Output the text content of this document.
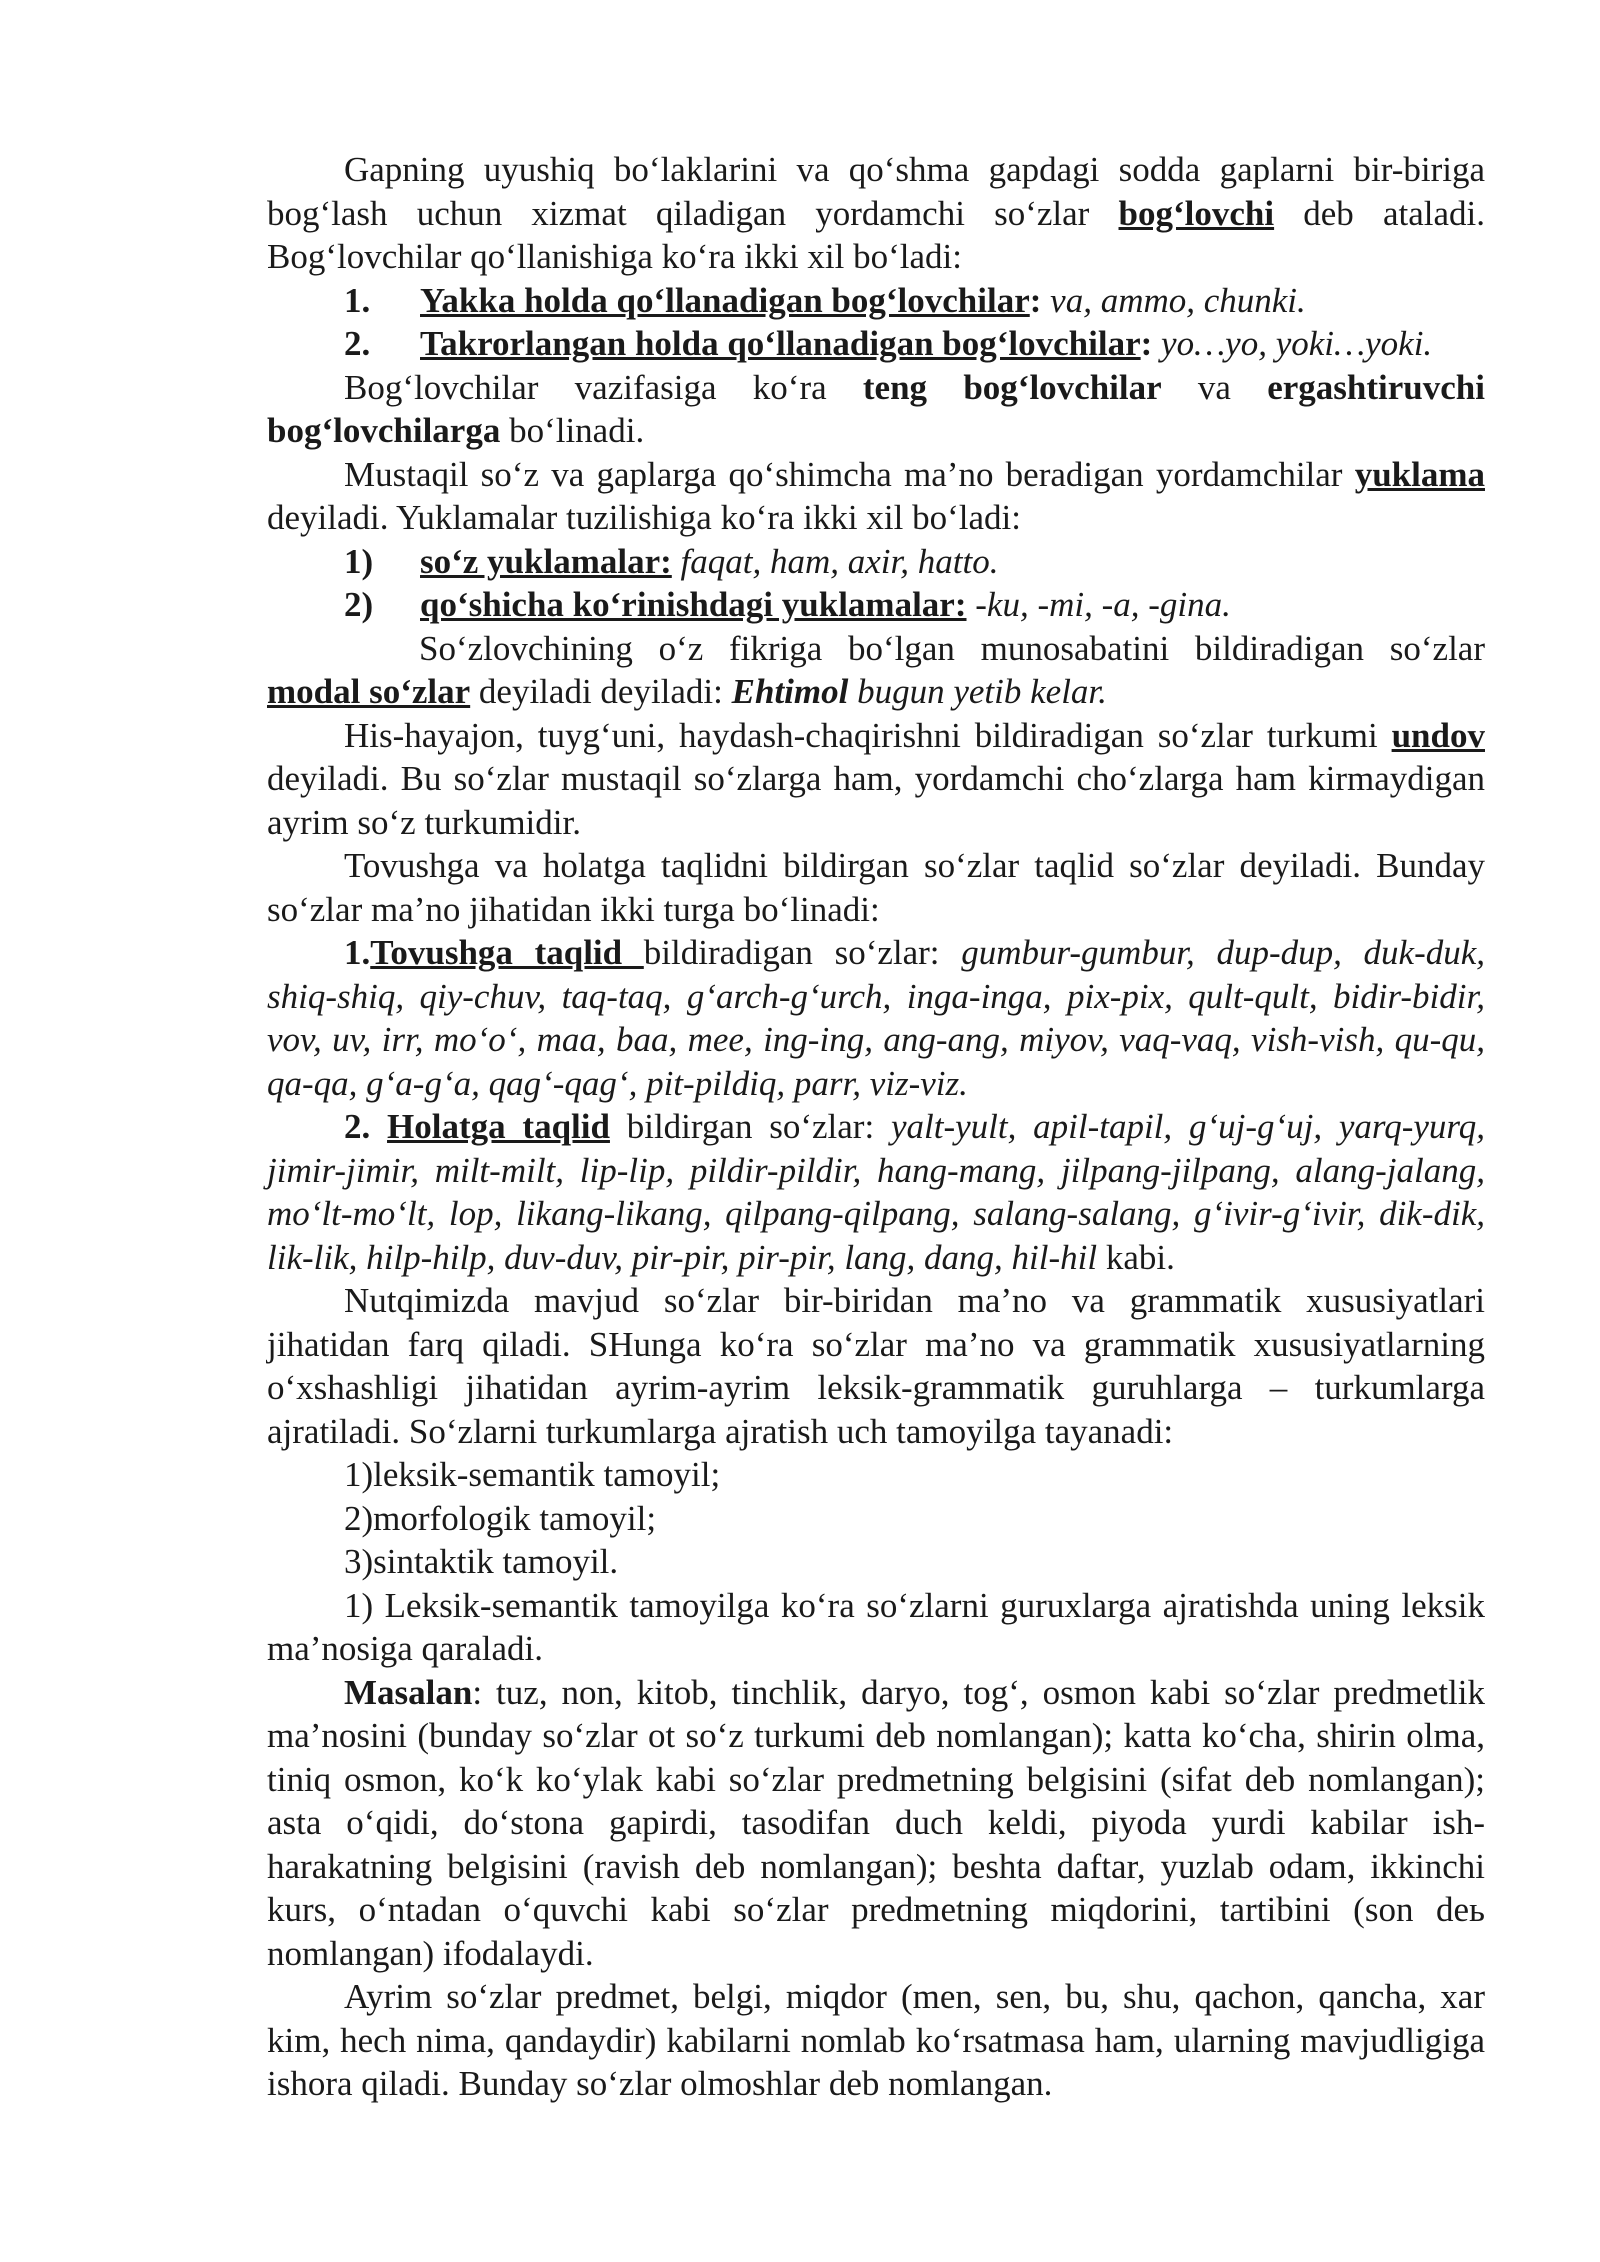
Gapning uyushiq bo‘laklarini va qo‘shma gapdagi sodda gaplarni bir-biriga bog‘lash uchun xizmat qiladigan yordamchi so‘zlar bog‘lovchi deb ataladi. Bog‘lovchilar qo‘llanishiga ko‘ra ikki xil bo‘ladi:

1.	Yakka holda qo‘llanadigan bog‘lovchilar: va, ammo, chunki.
2.	Takrorlangan holda qo‘llanadigan bog‘lovchilar: yo…yo, yoki…yoki.

Bog‘lovchilar vazifasiga ko‘ra teng bog‘lovchilar va ergashtiruvchi bog‘lovchilarga bo‘linadi.

Mustaqil so‘z va gaplarga qo‘shimcha ma’no beradigan yordamchilar yuklama deyiladi. Yuklamalar tuzilishiga ko‘ra ikki xil bo‘ladi:

1)	so‘z yuklamalar: faqat, ham, axir, hatto.
2)	qo‘shicha ko‘rinishdagi yuklamalar: -ku, -mi, -a, -gina.

So‘zlovchining o‘z fikriga bo‘lgan munosabatini bildiradigan so‘zlar modal so‘zlar deyiladi deyiladi: Ehtimol bugun yetib kelar.

His-hayajon, tuyg‘uni, haydash-chaqirishni bildiradigan so‘zlar turkumi undov deyiladi. Bu so‘zlar mustaqil so‘zlarga ham, yordamchi cho‘zlarga ham kirmaydigan ayrim so‘z turkumidir.

Tovushga va holatga taqlidni bildirgan so‘zlar taqlid so‘zlar deyiladi. Bunday so‘zlar ma’no jihatidan ikki turga bo‘linadi:

1.Tovushga taqlid bildiradigan so‘zlar: gumbur-gumbur, dup-dup, duk-duk, shiq-shiq, qiy-chuv, taq-taq, g‘arch-g‘urch, inga-inga, pix-pix, qult-qult, bidir-bidir, vov, uv, irr, mo‘o‘, maa, baa, mee, ing-ing, ang-ang, miyov, vaq-vaq, vish-vish, qu-qu, qa-qa, g‘a-g‘a, qag‘-qag‘, pit-pildiq, parr, viz-viz.

2. Holatga taqlid bildirgan so‘zlar: yalt-yult, apil-tapil, g‘uj-g‘uj, yarq-yurq, jimir-jimir, milt-milt, lip-lip, pildir-pildir, hang-mang, jilpang-jilpang, alang-jalang, mo‘lt-mo‘lt, lop, likang-likang, qilpang-qilpang, salang-salang, g‘ivir-g‘ivir, dik-dik, lik-lik, hilp-hilp, duv-duv, pir-pir, pir-pir, lang, dang, hil-hil kabi.

Nutqimizda mavjud so‘zlar bir-biridan ma’no va grammatik xususiyatlari jihatidan farq qiladi. SHunga ko‘ra so‘zlar ma’no va grammatik xususiyatlarning o‘xshashligi jihatidan ayrim-ayrim leksik-grammatik guruhlarga – turkumlarga ajratiladi. So‘zlarni turkumlarga ajratish uch tamoyilga tayanadi:

1)leksik-semantik tamoyil;

2)morfologik tamoyil;

3)sintaktik tamoyil.

1) Leksik-semantik tamoyilga ko‘ra so‘zlarni guruxlarga ajratishda uning leksik ma’nosiga qaraladi.

Masalan: tuz, non, kitob, tinchlik, daryo, tog‘, osmon kabi so‘zlar predmetlik ma’nosini (bunday so‘zlar ot so‘z turkumi deb nomlangan); katta ko‘cha, shirin olma, tiniq osmon, ko‘k ko‘ylak kabi so‘zlar predmetning belgisini (sifat deb nomlangan); asta o‘qidi, do‘stona gapirdi, tasodifan duch keldi, piyoda yurdi kabilar ish-harakatning belgisini (ravish deb nomlangan); beshta daftar, yuzlab odam, ikkinchi kurs, o‘ntadan o‘quvchi kabi so‘zlar predmetning miqdorini, tartibini (son deь nomlangan) ifodalaydi.

Ayrim so‘zlar predmet, belgi, miqdor (men, sen, bu, shu, qachon, qancha, xar kim, hech nima, qandaydir) kabilarni nomlab ko‘rsatmasa ham, ularning mavjudligiga ishora qiladi. Bunday so‘zlar olmoshlar deb nomlangan.
